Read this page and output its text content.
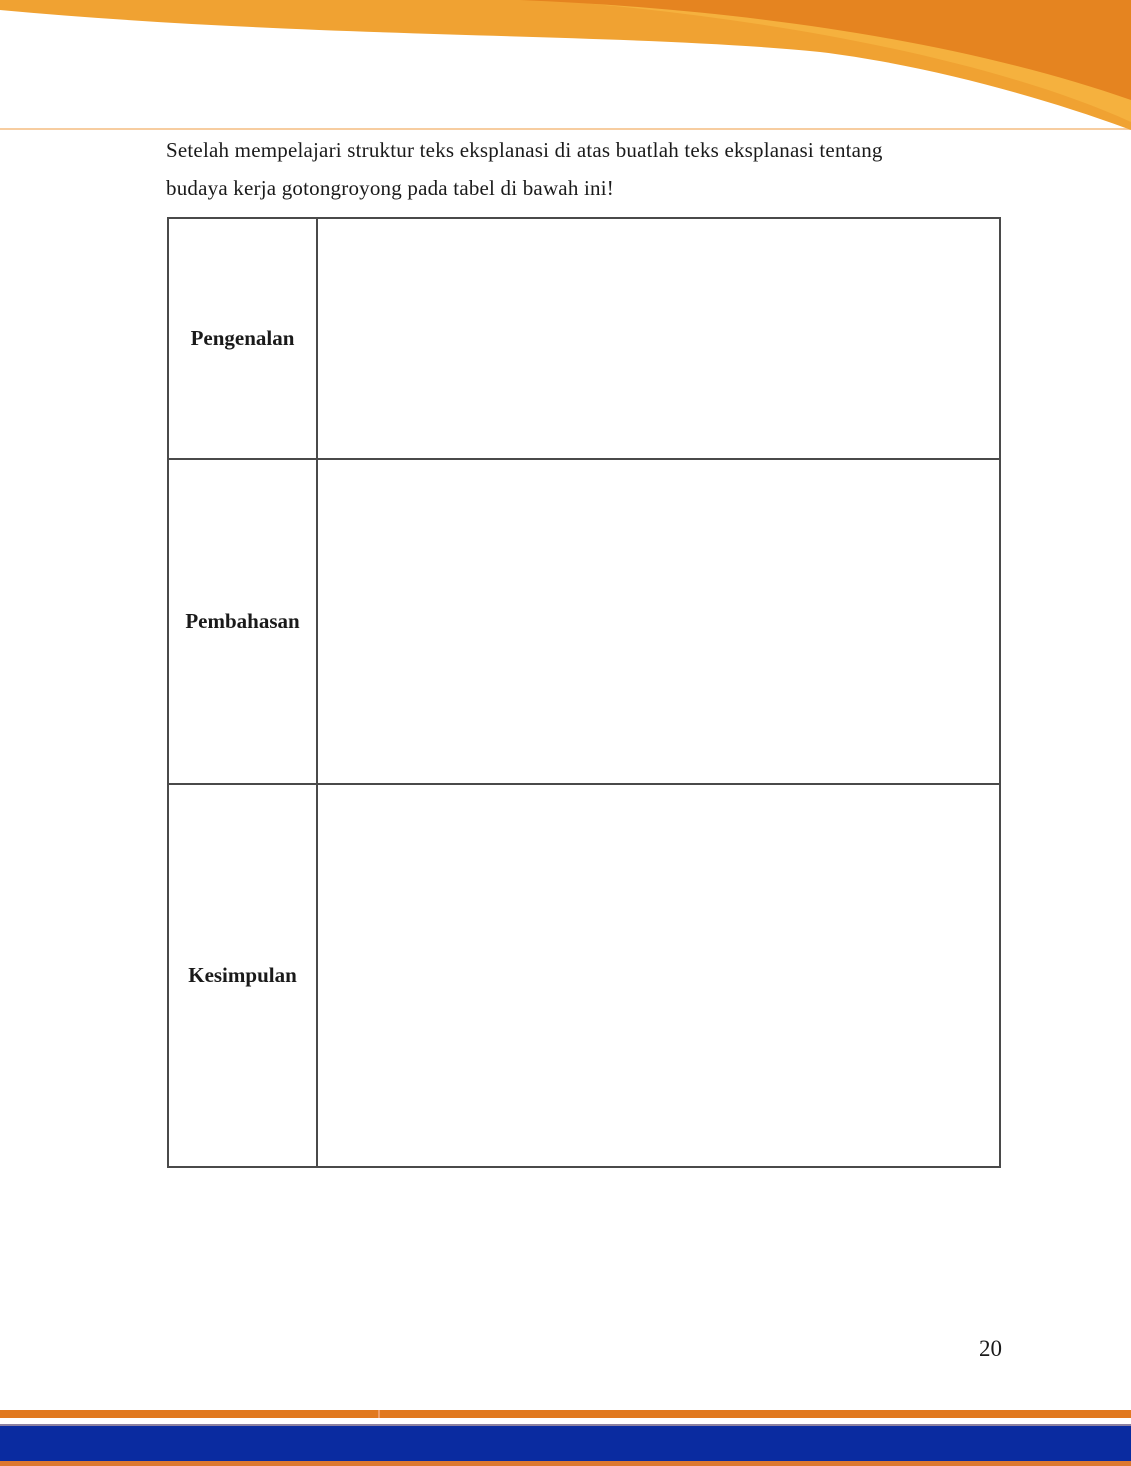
Setelah mempelajari struktur teks eksplanasi di atas buatlah teks eksplanasi tentang
budaya kerja gotongroyong pada tabel di bawah ini!
Pengenalan
Pembahasan
Kesimpulan
20
